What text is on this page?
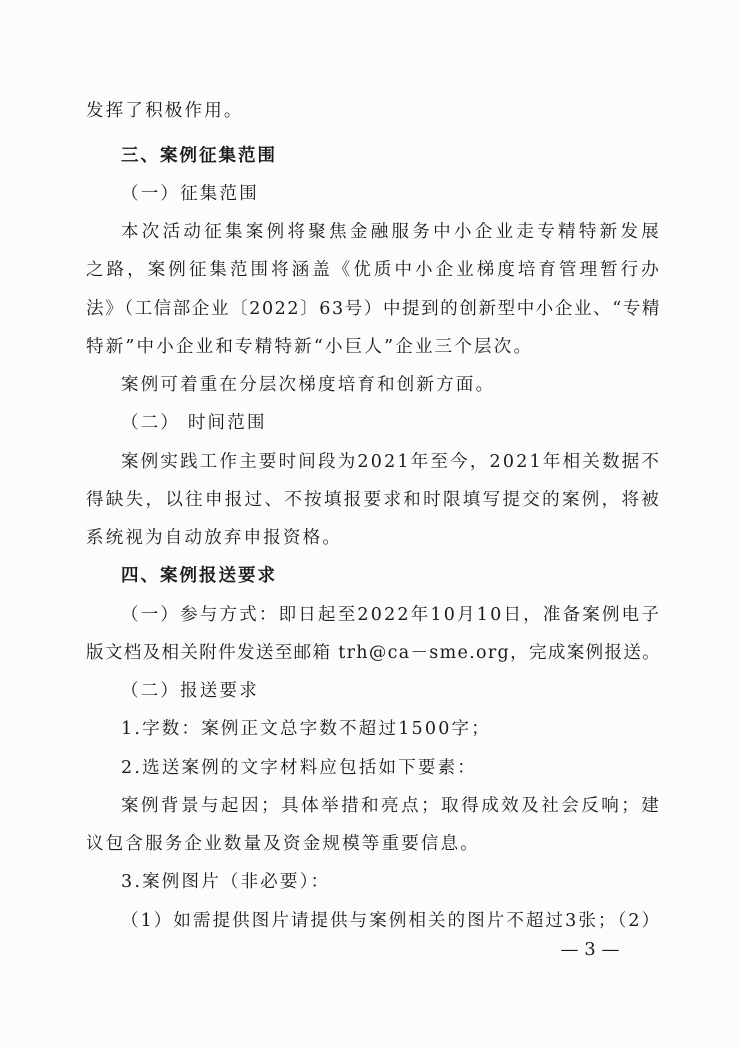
发挥了积极作用。
三、案例征集范围
（一）征集范围
本次活动征集案例将聚焦金融服务中小企业走专精特新发展
之路，案例征集范围将涵盖《优质中小企业梯度培育管理暂行办
法》（工信部企业〔2022〕63号）中提到的创新型中小企业、“专精
特新”中小企业和专精特新“小巨人”企业三个层次。
案例可着重在分层次梯度培育和创新方面。
（二） 时间范围
案例实践工作主要时间段为2021年至今，2021年相关数据不
得缺失，以往申报过、不按填报要求和时限填写提交的案例，将被
系统视为自动放弃申报资格。
四、案例报送要求
（一）参与方式：即日起至2022年10月10日，准备案例电子
版文档及相关附件发送至邮箱 trh@ca－sme.org，完成案例报送。
（二）报送要求
1.字数：案例正文总字数不超过1500字；
2.选送案例的文字材料应包括如下要素：
案例背景与起因；具体举措和亮点；取得成效及社会反响；建
议包含服务企业数量及资金规模等重要信息。
3.案例图片（非必要）：
（1）如需提供图片请提供与案例相关的图片不超过3张；（2）
— 3 —
